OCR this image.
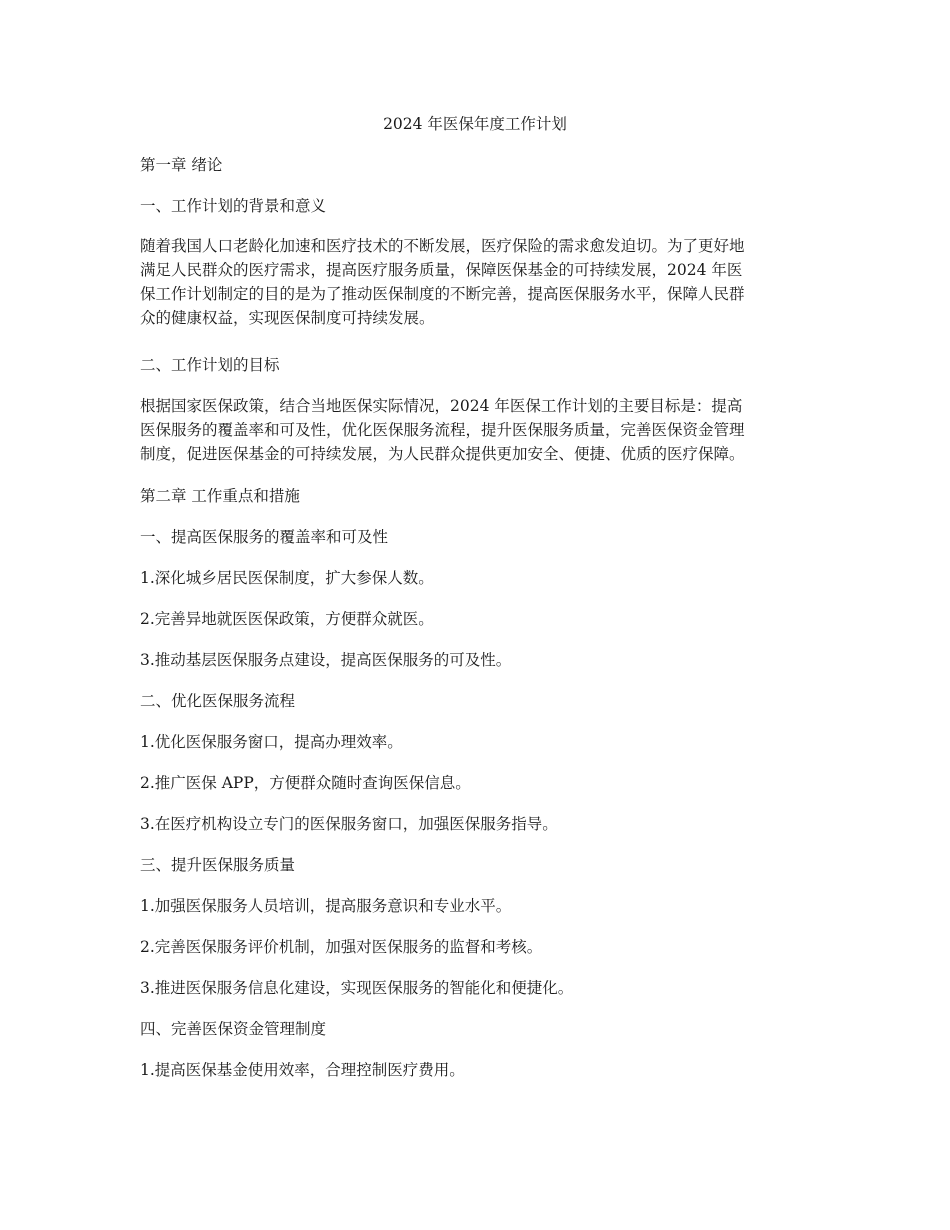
2024 年医保年度工作计划
第一章 绪论
一、工作计划的背景和意义
随着我国人口老龄化加速和医疗技术的不断发展，医疗保险的需求愈发迫切。为了更好地
满足人民群众的医疗需求，提高医疗服务质量，保障医保基金的可持续发展，2024 年医
保工作计划制定的目的是为了推动医保制度的不断完善，提高医保服务水平，保障人民群
众的健康权益，实现医保制度可持续发展。
二、工作计划的目标
根据国家医保政策，结合当地医保实际情况，2024 年医保工作计划的主要目标是：提高
医保服务的覆盖率和可及性，优化医保服务流程，提升医保服务质量，完善医保资金管理
制度，促进医保基金的可持续发展，为人民群众提供更加安全、便捷、优质的医疗保障。
第二章 工作重点和措施
一、提高医保服务的覆盖率和可及性
1.深化城乡居民医保制度，扩大参保人数。
2.完善异地就医医保政策，方便群众就医。
3.推动基层医保服务点建设，提高医保服务的可及性。
二、优化医保服务流程
1.优化医保服务窗口，提高办理效率。
2.推广医保 APP，方便群众随时查询医保信息。
3.在医疗机构设立专门的医保服务窗口，加强医保服务指导。
三、提升医保服务质量
1.加强医保服务人员培训，提高服务意识和专业水平。
2.完善医保服务评价机制，加强对医保服务的监督和考核。
3.推进医保服务信息化建设，实现医保服务的智能化和便捷化。
四、完善医保资金管理制度
1.提高医保基金使用效率，合理控制医疗费用。
